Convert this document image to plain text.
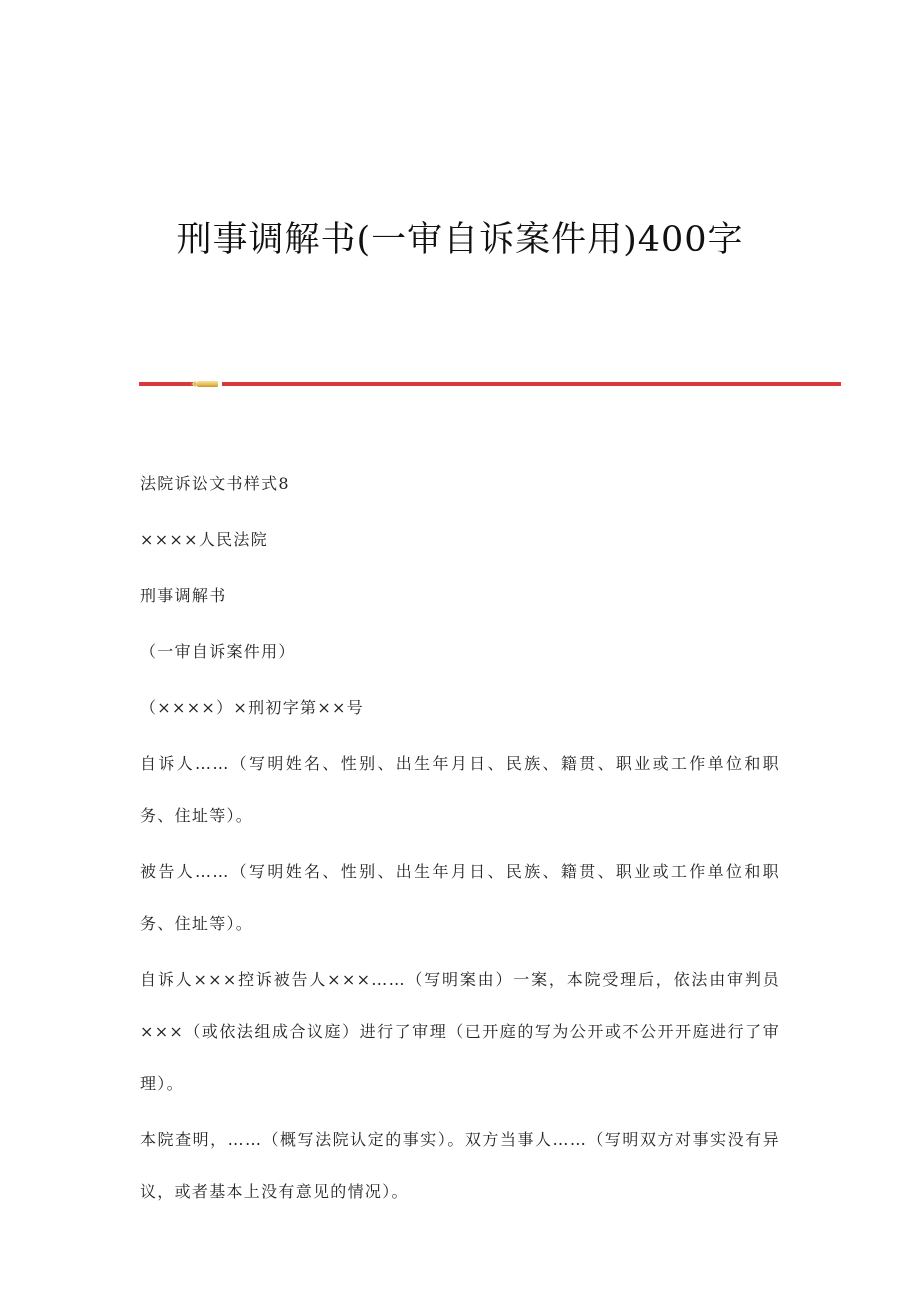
刑事调解书(一审自诉案件用)400字

法院诉讼文书样式8

××××人民法院

刑事调解书

（一审自诉案件用）

（××××）×刑初字第××号

自诉人……（写明姓名、性别、出生年月日、民族、籍贯、职业或工作单位和职务、住址等）。

被告人……（写明姓名、性别、出生年月日、民族、籍贯、职业或工作单位和职务、住址等）。

自诉人×××控诉被告人×××……（写明案由）一案，本院受理后，依法由审判员×××（或依法组成合议庭）进行了审理（已开庭的写为公开或不公开开庭进行了审理）。

本院查明，……（概写法院认定的事实）。双方当事人……（写明双方对事实没有异议，或者基本上没有意见的情况）。
